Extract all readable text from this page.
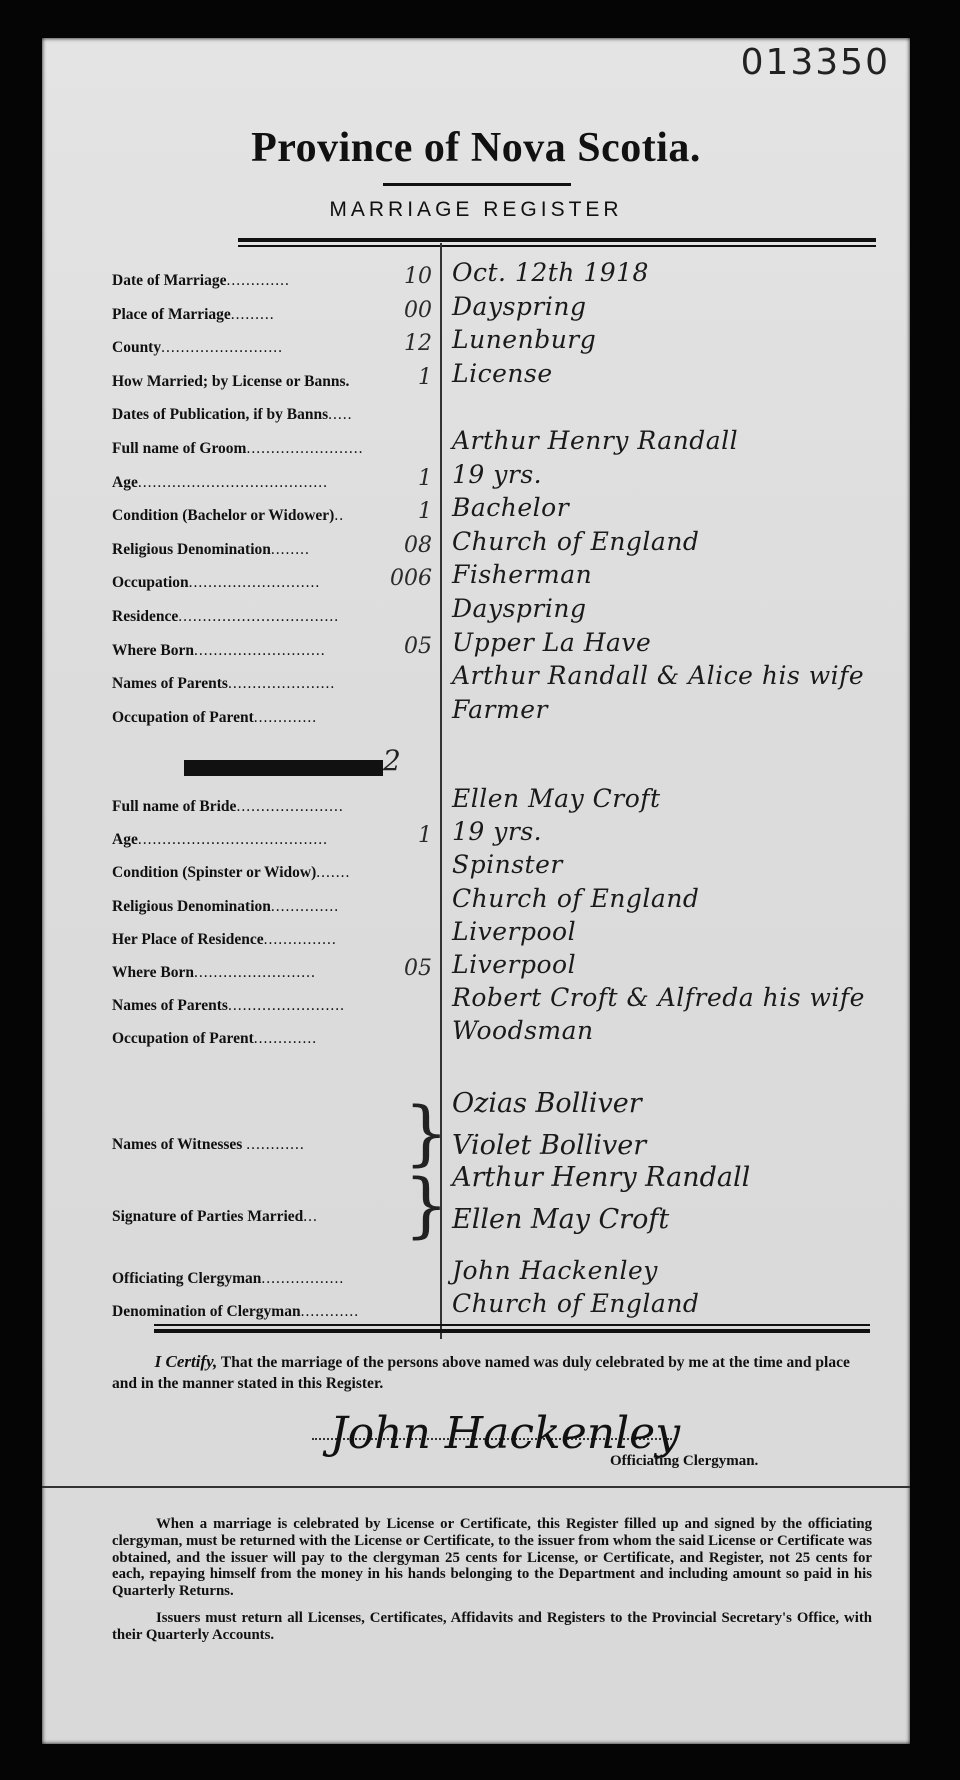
013350
Province of Nova Scotia.
MARRIAGE REGISTER
Date of Marriage.............	10 Oct. 12th 1918
Place of Marriage.........	00 Dayspring
County.........................	12 Lunenburg
How Married; by License or Banns.	1 License
Dates of Publication, if by Banns.....
Full name of Groom........................	Arthur Henry Randall
Age.......................................	1 19 yrs.
Condition (Bachelor or Widower)..	1 Bachelor
Religious Denomination........	08 Church of England
Occupation...........................	006 Fisherman
Residence.................................	Dayspring
Where Born...........................	05 Upper La Have
Names of Parents......................	Arthur Randall & Alice his wife
Occupation of Parent.............	Farmer
2
Full name of Bride......................	Ellen May Croft
Age.......................................	1 19 yrs.
Condition (Spinster or Widow).......	Spinster
Religious Denomination..............	Church of England
Her Place of Residence...............	Liverpool
Where Born.........................	05 Liverpool
Names of Parents........................	Robert Croft & Alfreda his wife
Occupation of Parent.............	Woodsman
Names of Witnesses ............ } Ozias Bolliver
Violet Bolliver
Signature of Parties Married... } Arthur Henry Randall
Ellen May Croft
Officiating Clergyman.................	John Hackenley
Denomination of Clergyman............	Church of England
I Certify, That the marriage of the persons above named was duly celebrated by me at the time and place and in the manner stated in this Register.
John Hackenley
Officiating Clergyman.

When a marriage is celebrated by License or Certificate, this Register filled up and signed by the officiating clergyman, must be returned with the License or Certificate, to the issuer from whom the said License or Certificate was obtained, and the issuer will pay to the clergyman 25 cents for License, or Certificate, and Register, not 25 cents for each, repaying himself from the money in his hands belonging to the Department and including amount so paid in his Quarterly Returns.

Issuers must return all Licenses, Certificates, Affidavits and Registers to the Provincial Secretary's Office, with their Quarterly Accounts.
